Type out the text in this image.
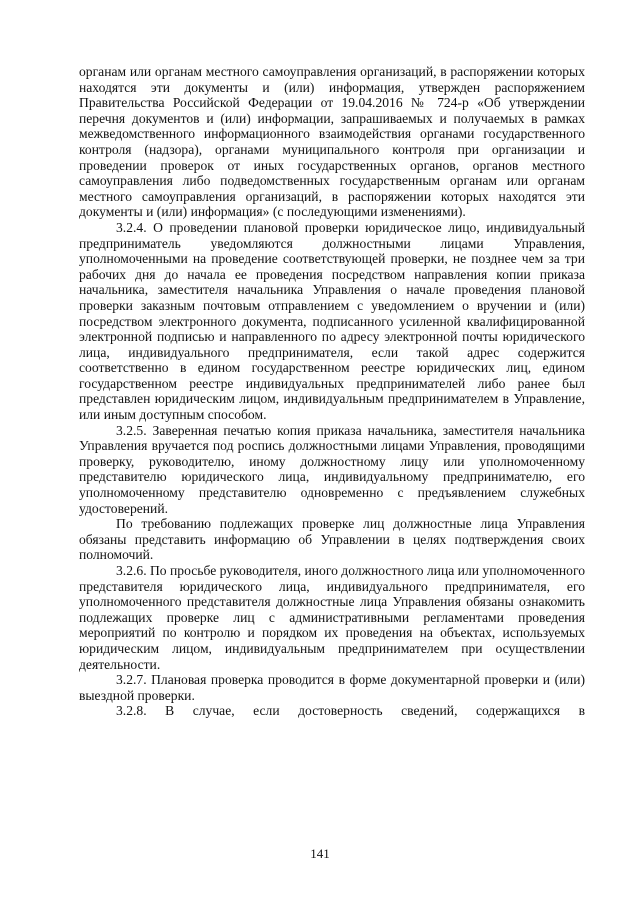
органам или органам местного самоуправления организаций, в распоряжении которых находятся эти документы и (или) информация, утвержден распоряжением Правительства Российской Федерации от 19.04.2016 № 724-р «Об утверждении перечня документов и (или) информации, запрашиваемых и получаемых в рамках межведомственного информационного взаимодействия органами государственного контроля (надзора), органами муниципального контроля при организации и проведении проверок от иных государственных органов, органов местного самоуправления либо подведомственных государственным органам или органам местного самоуправления организаций, в распоряжении которых находятся эти документы и (или) информация» (с последующими изменениями).

3.2.4. О проведении плановой проверки юридическое лицо, индивидуальный предприниматель уведомляются должностными лицами Управления, уполномоченными на проведение соответствующей проверки, не позднее чем за три рабочих дня до начала ее проведения посредством направления копии приказа начальника, заместителя начальника Управления о начале проведения плановой проверки заказным почтовым отправлением с уведомлением о вручении и (или) посредством электронного документа, подписанного усиленной квалифицированной электронной подписью и направленного по адресу электронной почты юридического лица, индивидуального предпринимателя, если такой адрес содержится соответственно в едином государственном реестре юридических лиц, едином государственном реестре индивидуальных предпринимателей либо ранее был представлен юридическим лицом, индивидуальным предпринимателем в Управление, или иным доступным способом.

3.2.5. Заверенная печатью копия приказа начальника, заместителя начальника Управления вручается под роспись должностными лицами Управления, проводящими проверку, руководителю, иному должностному лицу или уполномоченному представителю юридического лица, индивидуальному предпринимателю, его уполномоченному представителю одновременно с предъявлением служебных удостоверений.

По требованию подлежащих проверке лиц должностные лица Управления обязаны представить информацию об Управлении в целях подтверждения своих полномочий.

3.2.6. По просьбе руководителя, иного должностного лица или уполномоченного представителя юридического лица, индивидуального предпринимателя, его уполномоченного представителя должностные лица Управления обязаны ознакомить подлежащих проверке лиц с административными регламентами проведения мероприятий по контролю и порядком их проведения на объектах, используемых юридическим лицом, индивидуальным предпринимателем при осуществлении деятельности.

3.2.7. Плановая проверка проводится в форме документарной проверки и (или) выездной проверки.

3.2.8. В случае, если достоверность сведений, содержащихся в

141
